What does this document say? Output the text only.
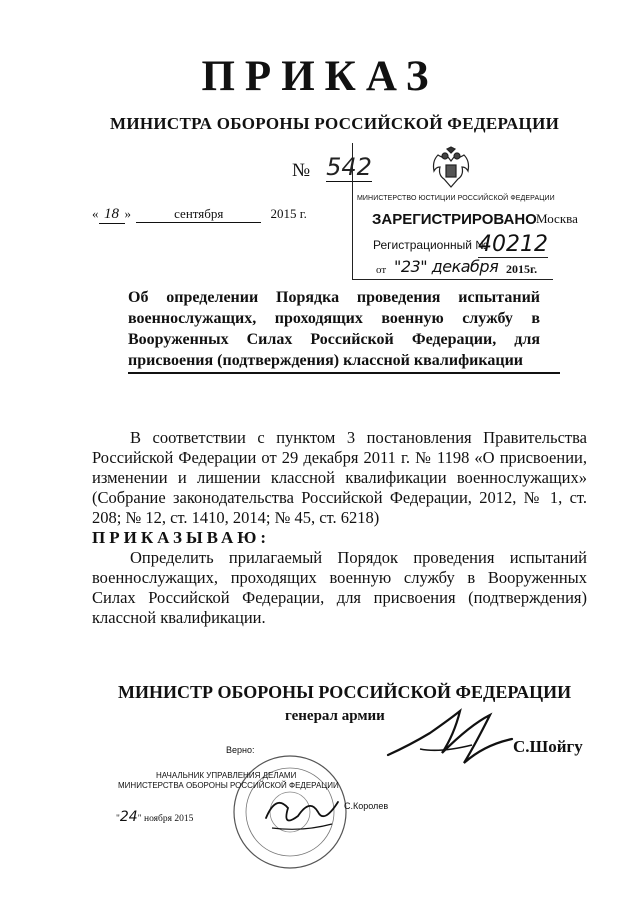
ПРИКАЗ
МИНИСТРА ОБОРОНЫ РОССИЙСКОЙ ФЕДЕРАЦИИ
№ 542
« 18 »	сентября	2015 г.
МИНИСТЕРСТВО ЮСТИЦИИ РОССИЙСКОЙ ФЕДЕРАЦИИ
ЗАРЕГИСТРИРОВАНО Москва
Регистрационный №
40212
от "23" декабря 2015г.
Об определении Порядка проведения испытаний военнослужащих, проходящих военную службу в Вооруженных Силах Российской Федерации, для присвоения (подтверждения) классной квалификации
В соответствии с пунктом 3 постановления Правительства Российской Федерации от 29 декабря 2011 г. № 1198 «О присвоении, изменении и лишении классной квалификации военнослужащих» (Собрание законодательства Российской Федерации, 2012, № 1, ст. 208; № 12, ст. 1410, 2014; № 45, ст. 6218)
ПРИКАЗЫВАЮ:
Определить прилагаемый Порядок проведения испытаний военнослужащих, проходящих военную службу в Вооруженных Силах Российской Федерации, для присвоения (подтверждения) классной квалификации.
МИНИСТР ОБОРОНЫ РОССИЙСКОЙ ФЕДЕРАЦИИ
генерал армии
С.Шойгу
Верно:
НАЧАЛЬНИК УПРАВЛЕНИЯ ДЕЛАМИ
МИНИСТЕРСТВА ОБОРОНЫ РОССИЙСКОЙ ФЕДЕРАЦИИ
С.Королев
"24" ноября 2015
